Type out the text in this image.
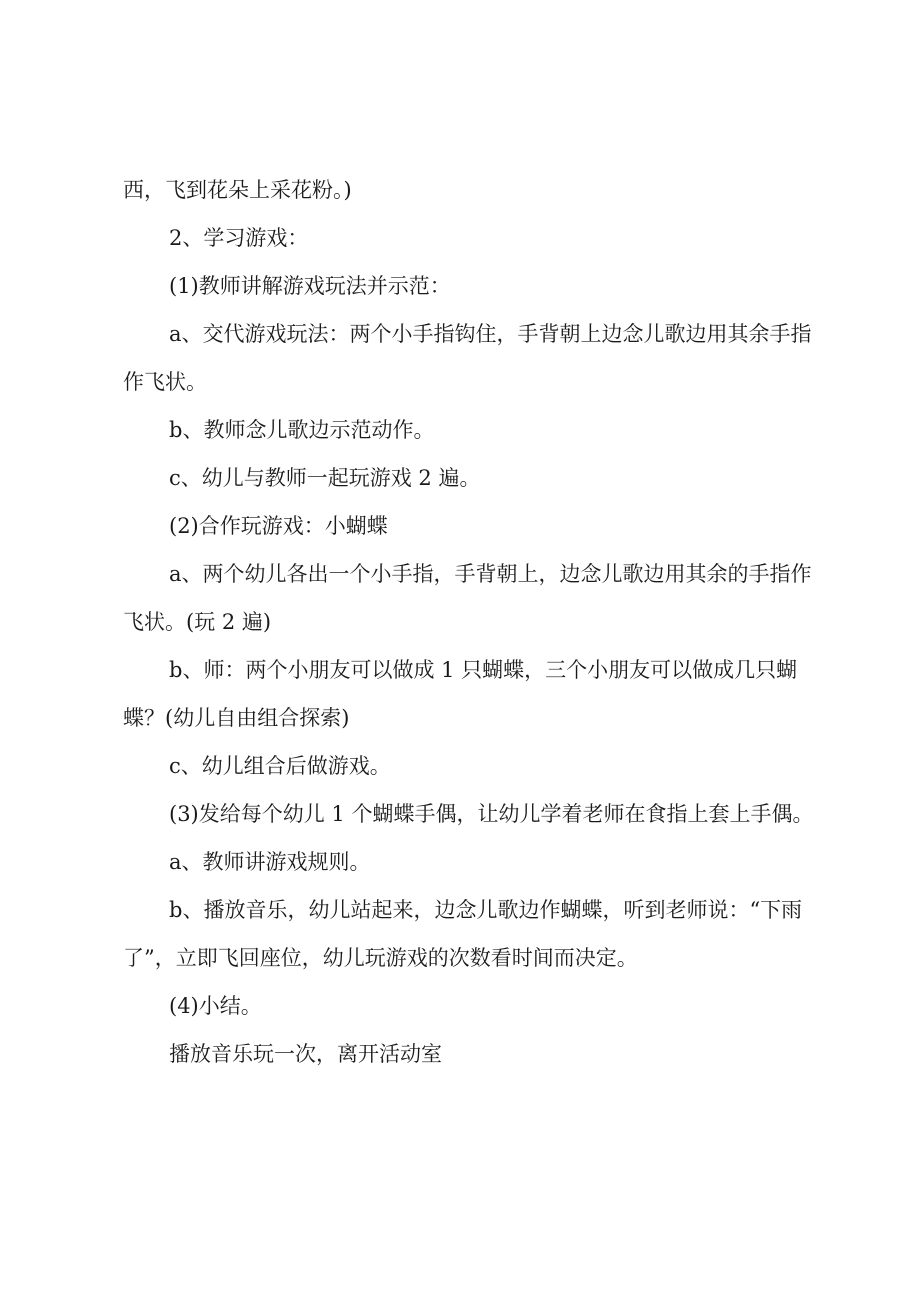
西，飞到花朵上采花粉。)

2、学习游戏：

(1)教师讲解游戏玩法并示范：

a、交代游戏玩法：两个小手指钩住，手背朝上边念儿歌边用其余手指作飞状。

b、教师念儿歌边示范动作。

c、幼儿与教师一起玩游戏 2 遍。

(2)合作玩游戏：小蝴蝶

a、两个幼儿各出一个小手指，手背朝上，边念儿歌边用其余的手指作飞状。(玩 2 遍)

b、师：两个小朋友可以做成 1 只蝴蝶，三个小朋友可以做成几只蝴蝶？(幼儿自由组合探索)

c、幼儿组合后做游戏。

(3)发给每个幼儿 1 个蝴蝶手偶，让幼儿学着老师在食指上套上手偶。

a、教师讲游戏规则。

b、播放音乐，幼儿站起来，边念儿歌边作蝴蝶，听到老师说：“下雨了”，立即飞回座位，幼儿玩游戏的次数看时间而决定。

(4)小结。

播放音乐玩一次，离开活动室
